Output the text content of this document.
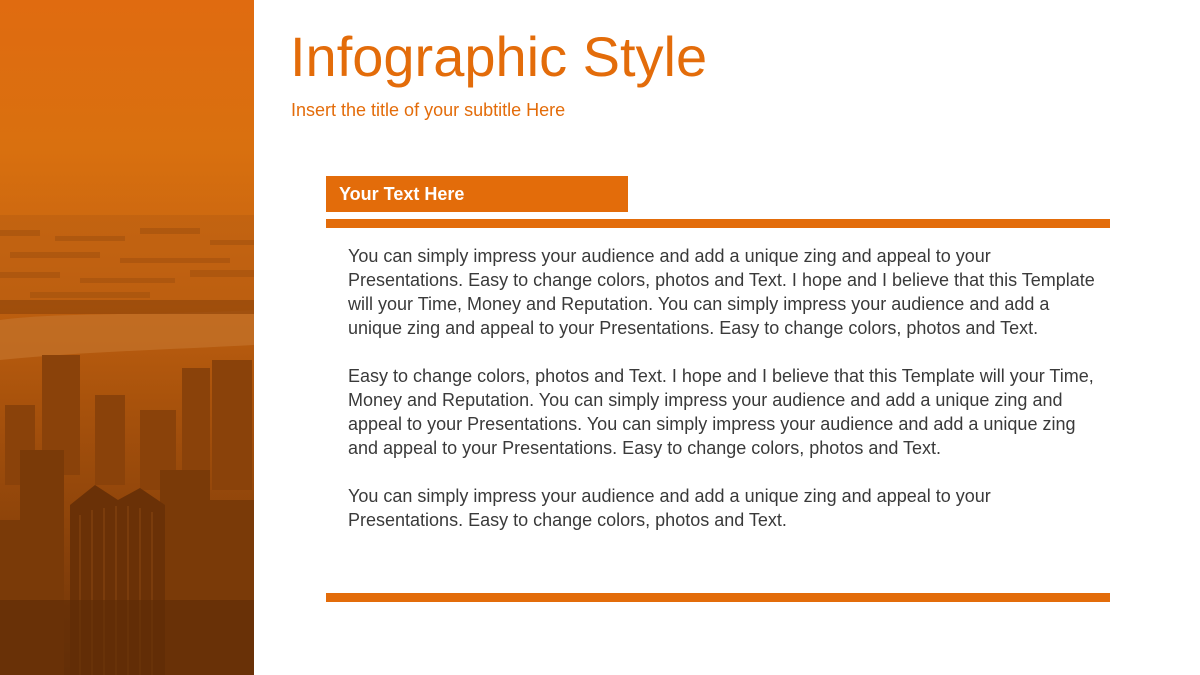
Infographic Style

Insert the title of your subtitle Here

Your Text Here

You can simply impress your audience and add a unique zing and appeal to your Presentations. Easy to change colors, photos and Text. I hope and I believe that this Template will your Time, Money and Reputation. You can simply impress your audience and add a unique zing and appeal to your Presentations. Easy to change colors, photos and Text.

Easy to change colors, photos and Text. I hope and I believe that this Template will your Time, Money and Reputation. You can simply impress your audience and add a unique zing and appeal to your Presentations. You can simply impress your audience and add a unique zing and appeal to your Presentations. Easy to change colors, photos and Text.

You can simply impress your audience and add a unique zing and appeal to your Presentations. Easy to change colors, photos and Text.
